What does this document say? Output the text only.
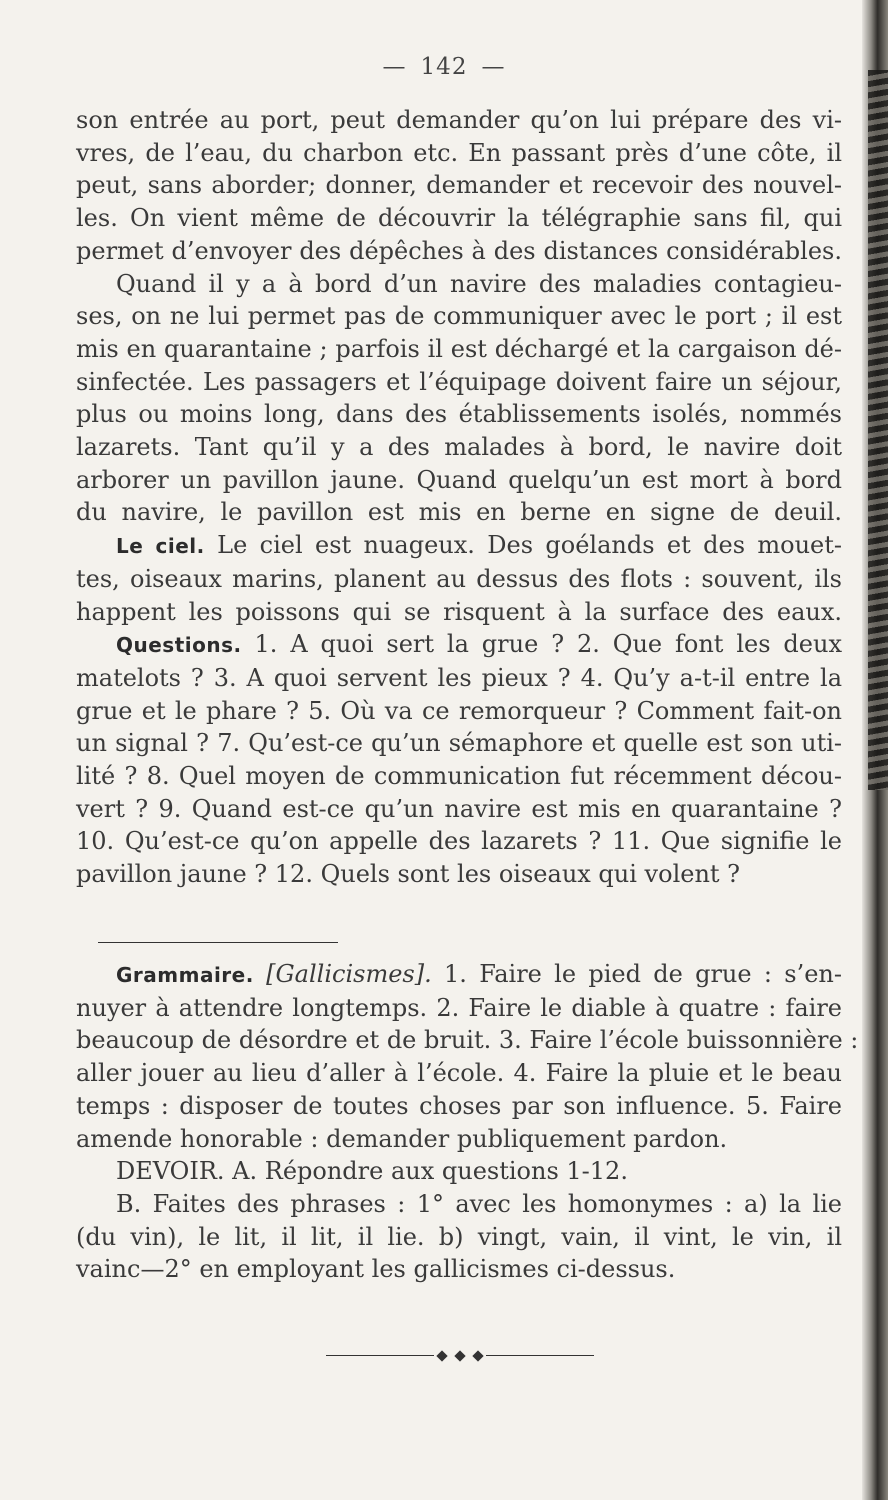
— 142 —
son entrée au port, peut demander qu’on lui prépare des vi-
vres, de l’eau, du charbon etc. En passant près d’une côte, il
peut, sans aborder; donner, demander et recevoir des nouvel-
les. On vient même de découvrir la télégraphie sans fil, qui
permet d’envoyer des dépêches à des distances considérables.
Quand il y a à bord d’un navire des maladies contagieu-
ses, on ne lui permet pas de communiquer avec le port ; il est
mis en quarantaine ; parfois il est déchargé et la cargaison dé-
sinfectée. Les passagers et l’équipage doivent faire un séjour,
plus ou moins long, dans des établissements isolés, nommés
lazarets. Tant qu’il y a des malades à bord, le navire doit
arborer un pavillon jaune. Quand quelqu’un est mort à bord
du navire, le pavillon est mis en berne en signe de deuil.
Le ciel. Le ciel est nuageux. Des goélands et des mouet-
tes, oiseaux marins, planent au dessus des flots : souvent, ils
happent les poissons qui se risquent à la surface des eaux.
Questions. 1. A quoi sert la grue ? 2. Que font les deux
matelots ? 3. A quoi servent les pieux ? 4. Qu’y a-t-il entre la
grue et le phare ? 5. Où va ce remorqueur ? Comment fait-on
un signal ? 7. Qu’est-ce qu’un sémaphore et quelle est son uti-
lité ? 8. Quel moyen de communication fut récemment décou-
vert ? 9. Quand est-ce qu’un navire est mis en quarantaine ?
10. Qu’est-ce qu’on appelle des lazarets ? 11. Que signifie le
pavillon jaune ? 12. Quels sont les oiseaux qui volent ?
Grammaire. [Gallicismes]. 1. Faire le pied de grue : s’en-
nuyer à attendre longtemps. 2. Faire le diable à quatre : faire
beaucoup de désordre et de bruit. 3. Faire l’école buissonnière :
aller jouer au lieu d’aller à l’école. 4. Faire la pluie et le beau
temps : disposer de toutes choses par son influence. 5. Faire
amende honorable : demander publiquement pardon.
DEVOIR. A. Répondre aux questions 1-12.
B. Faites des phrases : 1° avec les homonymes : a) la lie
(du vin), le lit, il lit, il lie. b) vingt, vain, il vint, le vin, il
vainc—2° en employant les gallicismes ci-dessus.
